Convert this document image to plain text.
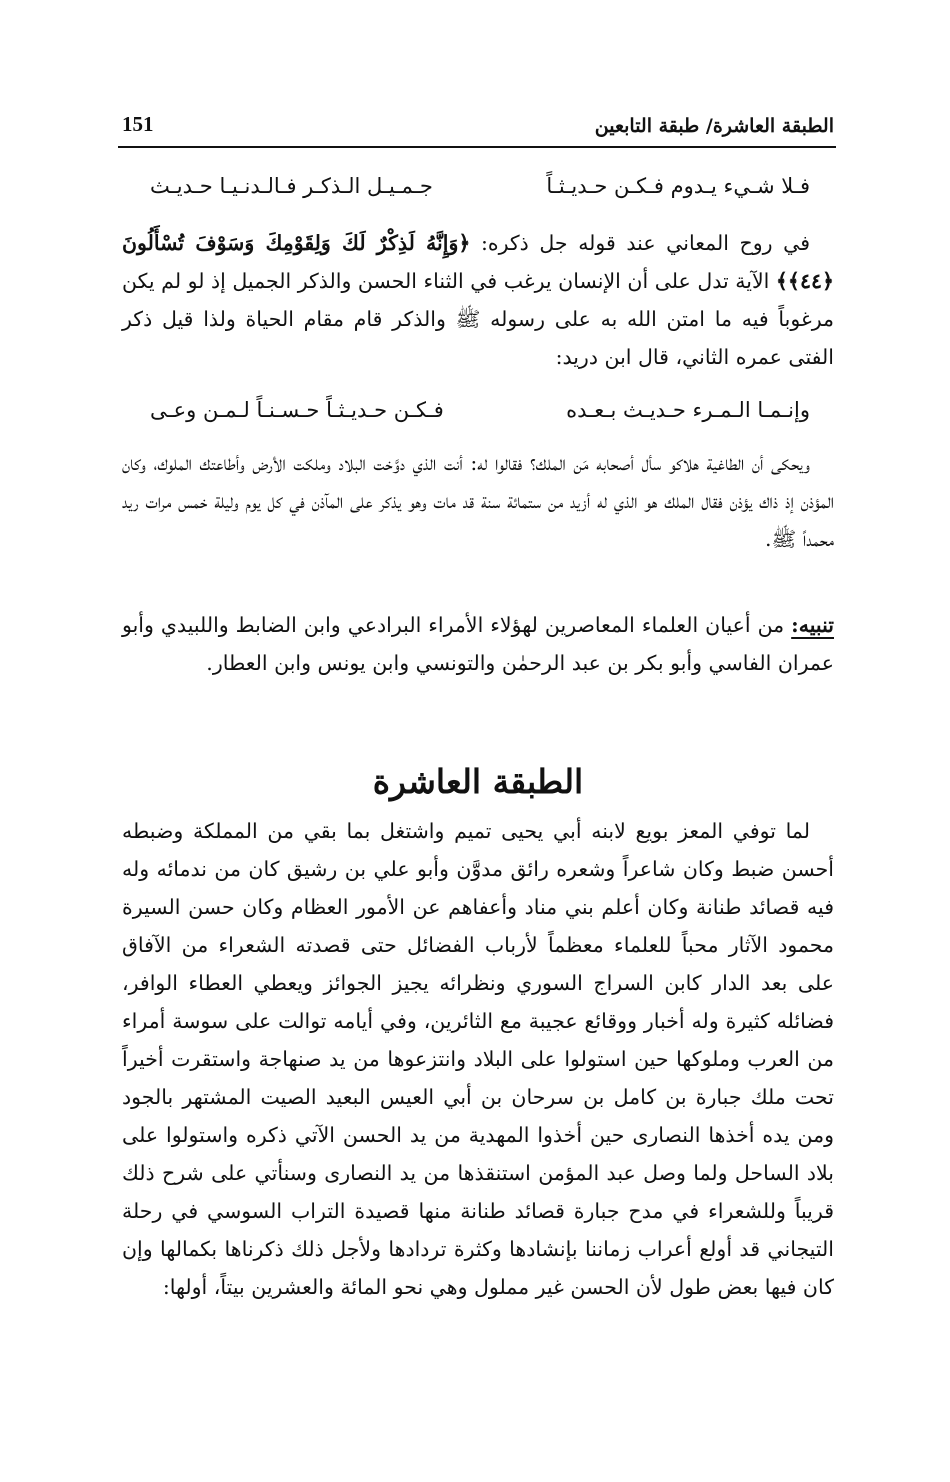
الطبقة العاشرة/ طبقة التابعين
151
فـلا شـيء يـدوم فـكـن حـديـثـاً
جـمـيـل الـذكـر فـالـدنـيـا حـديـث
في روح المعاني عند قوله جل ذكره: ﴿وَإِنَّهُ لَذِكْرٌ لَكَ وَلِقَوْمِكَ وَسَوْفَ تُسْأَلُونَ ﴿٤٤﴾﴾ الآية تدل على أن الإنسان يرغب في الثناء الحسن والذكر الجميل إذ لو لم يكن مرغوباً فيه ما امتن الله به على رسوله ﷺ والذكر قام مقام الحياة ولذا قيل ذكر الفتى عمره الثاني، قال ابن دريد:
وإنـمـا الـمـرء حـديـث بـعـده
فـكـن حـديـثـاً حـسـنـاً لـمـن وعـى
ويحكى أن الطاغية هلاكو سأل أصحابه مَن الملك؟ فقالوا له: أنت الذي دوَّخت البلاد وملكت الأرض وأطاعتك الملوك، وكان المؤذن إذ ذاك يؤذن فقال الملك هو الذي له أزيد من ستمائة سنة قد مات وهو يذكر على المآذن في كل يوم وليلة خمس مرات ريد محمداً ﷺ.
تنبيه: من أعيان العلماء المعاصرين لهؤلاء الأمراء البرادعي وابن الضابط واللبيدي وأبو عمران الفاسي وأبو بكر بن عبد الرحمٰن والتونسي وابن يونس وابن العطار.
الطبقة العاشرة
لما توفي المعز بويع لابنه أبي يحيى تميم واشتغل بما بقي من المملكة وضبطه أحسن ضبط وكان شاعراً وشعره رائق مدوَّن وأبو علي بن رشيق كان من ندمائه وله فيه قصائد طنانة وكان أعلم بني مناد وأعفاهم عن الأمور العظام وكان حسن السيرة محمود الآثار محباً للعلماء معظماً لأرباب الفضائل حتى قصدته الشعراء من الآفاق على بعد الدار كابن السراج السوري ونظرائه يجيز الجوائز ويعطي العطاء الوافر، فضائله كثيرة وله أخبار ووقائع عجيبة مع الثائرين، وفي أيامه توالت على سوسة أمراء من العرب وملوكها حين استولوا على البلاد وانتزعوها من يد صنهاجة واستقرت أخيراً تحت ملك جبارة بن كامل بن سرحان بن أبي العيس البعيد الصيت المشتهر بالجود ومن يده أخذها النصارى حين أخذوا المهدية من يد الحسن الآتي ذكره واستولوا على بلاد الساحل ولما وصل عبد المؤمن استنقذها من يد النصارى وسنأتي على شرح ذلك قريباً وللشعراء في مدح جبارة قصائد طنانة منها قصيدة التراب السوسي في رحلة التيجاني قد أولع أعراب زماننا بإنشادها وكثرة تردادها ولأجل ذلك ذكرناها بكمالها وإن كان فيها بعض طول لأن الحسن غير مملول وهي نحو المائة والعشرين بيتاً، أولها:
